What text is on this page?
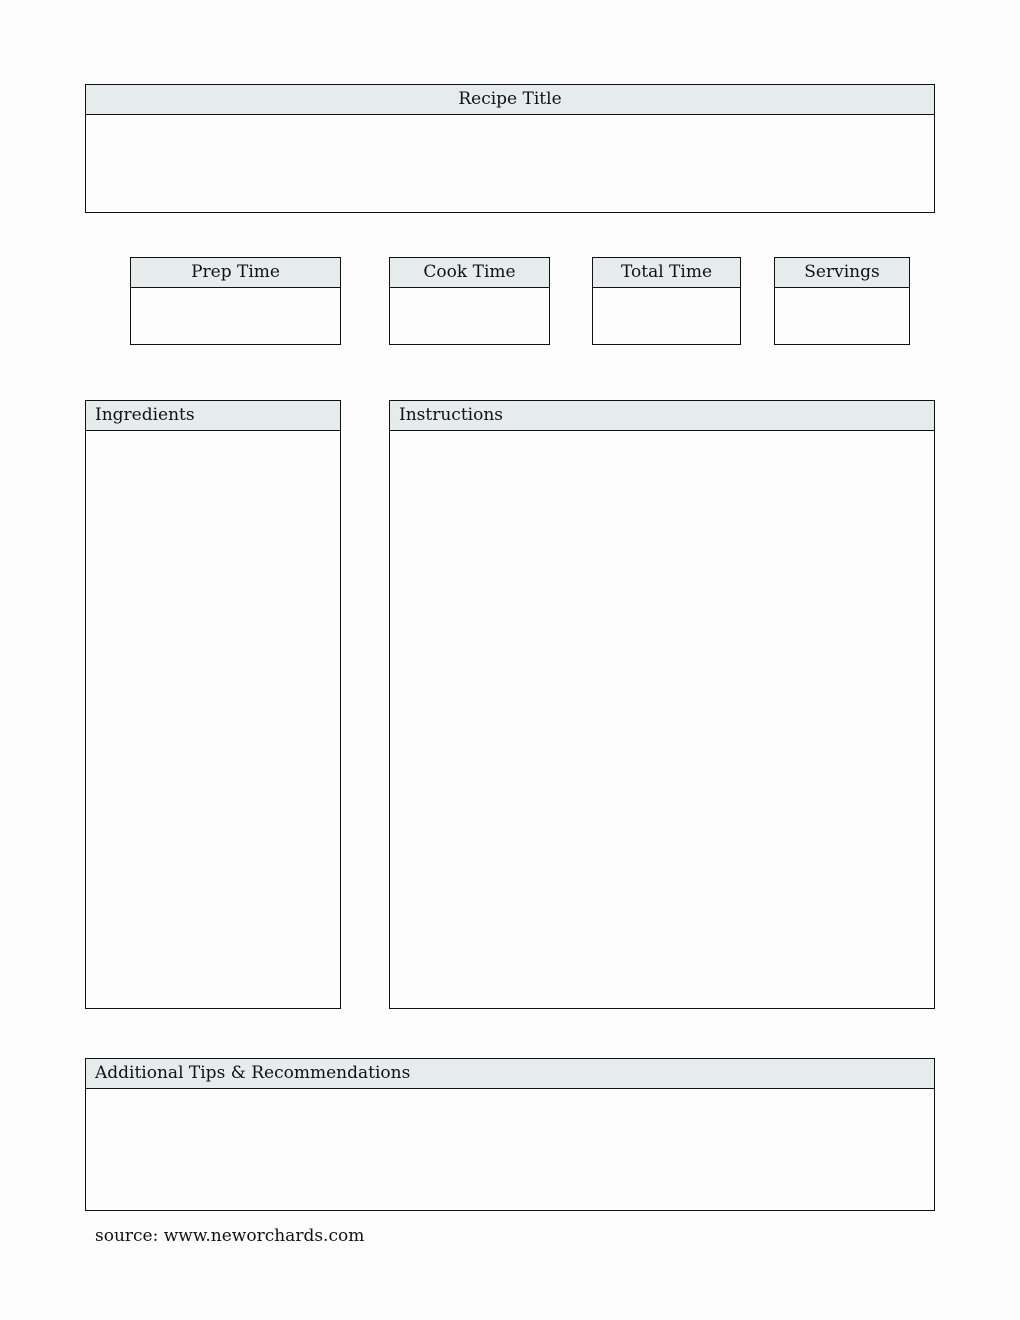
Recipe Title
Prep Time	Cook Time	Total Time	Servings
Ingredients	Instructions
Additional Tips & Recommendations
source: www.neworchards.com
